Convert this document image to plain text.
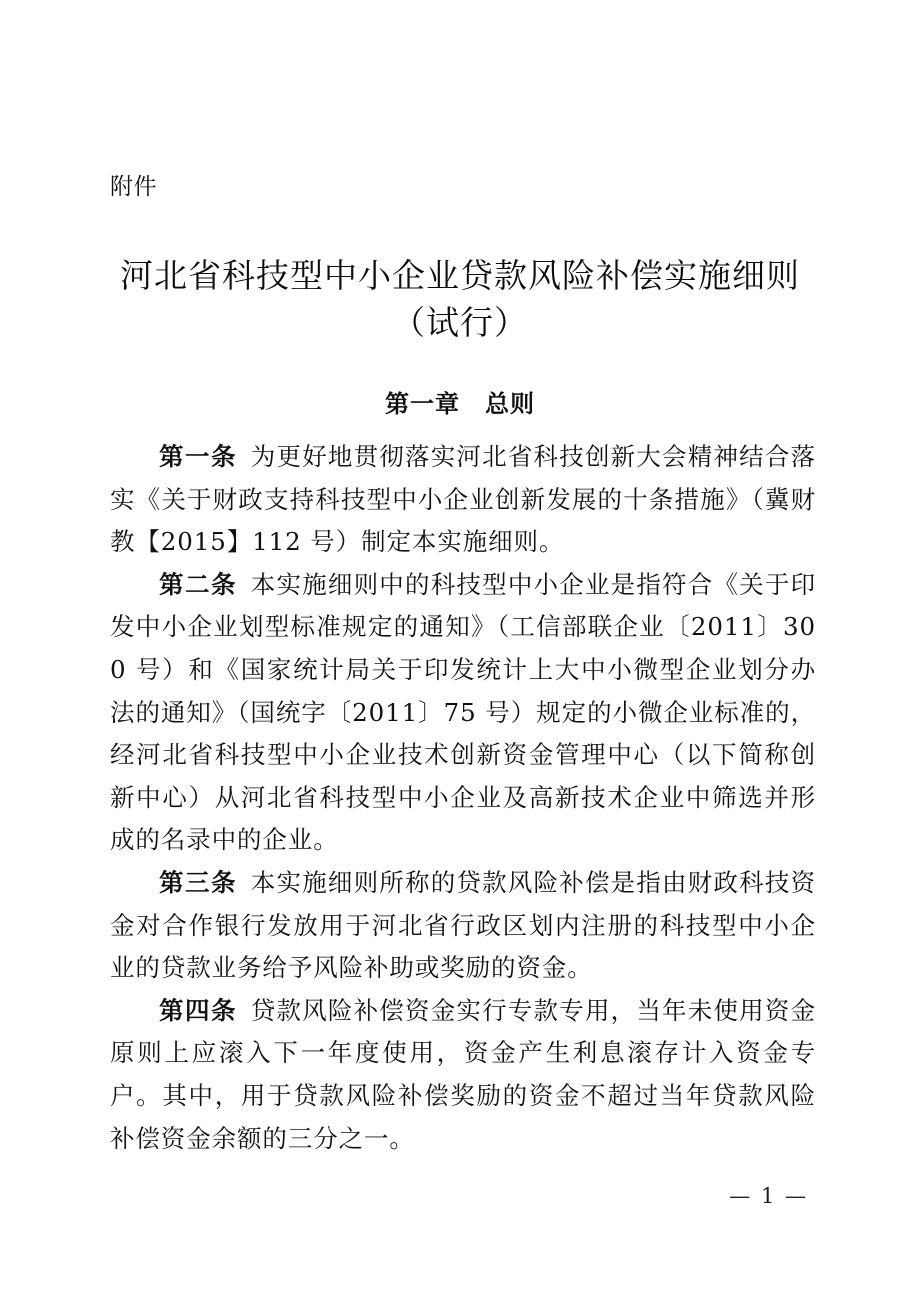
附件
河北省科技型中小企业贷款风险补偿实施细则
（试行）
第一章　总则

第一条 为更好地贯彻落实河北省科技创新大会精神结合落实《关于财政支持科技型中小企业创新发展的十条措施》（冀财教【2015】112 号）制定本实施细则。

第二条 本实施细则中的科技型中小企业是指符合《关于印发中小企业划型标准规定的通知》（工信部联企业〔2011〕300 号）和《国家统计局关于印发统计上大中小微型企业划分办法的通知》（国统字〔2011〕75 号）规定的小微企业标准的，经河北省科技型中小企业技术创新资金管理中心（以下简称创新中心）从河北省科技型中小企业及高新技术企业中筛选并形成的名录中的企业。

第三条 本实施细则所称的贷款风险补偿是指由财政科技资金对合作银行发放用于河北省行政区划内注册的科技型中小企业的贷款业务给予风险补助或奖励的资金。

第四条 贷款风险补偿资金实行专款专用，当年未使用资金原则上应滚入下一年度使用，资金产生利息滚存计入资金专户。其中，用于贷款风险补偿奖励的资金不超过当年贷款风险补偿资金余额的三分之一。

— 1 —
